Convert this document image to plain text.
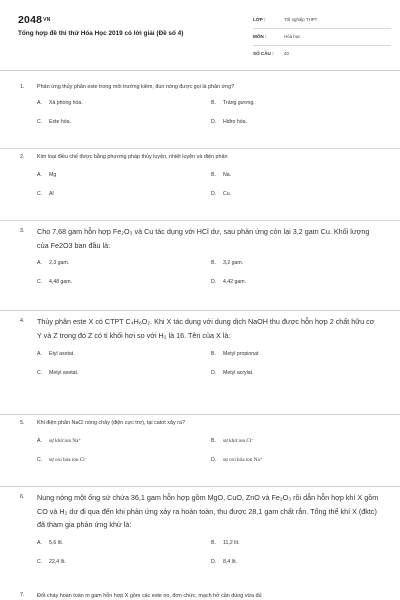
2048VN
Tổng hợp đề thi thử Hóa Học 2019 có lời giải (Đề số 4)
LỚP :	Tốt nghiệp THPT
MÔN :	Hóa học
SỐ CÂU : 40
1. Phản ứng thủy phân este trong môi trường kiềm, đun nóng được gọi là phản ứng?
A. Xà phòng hóa.	B. Tráng gương.
C. Este hóa.	D. Hiđro hóa.
2. Kim loại điều chế được bằng phương pháp thủy luyện, nhiệt luyện và điện phân
A. Mg	B. Na.
C. Al	D. Cu.
3. Cho 7,68 gam hỗn hợp Fe₂O₃ và Cu tác dụng với HCl dư, sau phản ứng còn lại 3,2 gam Cu. Khối lượng của Fe2O3 ban đầu là:
A. 2,3 gam.	B. 3,2 gam.
C. 4,48 gam.	D. 4,42 gam.
4. Thủy phân este X có CTPT C₄H₆O₂. Khi X tác dụng với dung dịch NaOH thu được hỗn hợp 2 chất hữu cơ Y và Z trong đó Z có tỉ khối hơi so với H₂ là 16. Tên của X là:
A. Etyl axetat.	B. Metyl propionat
C. Metyl axetat.	D. Metyl acrylat.
5. Khi điện phân NaCl nóng chảy (điện cực trơ), tại catot xảy ra?
A. sự khử ion Na⁺	B. sự khử ion Cl⁻
C. sự oxi hóa ion Cl⁻	D. sự oxi hóa ion Na⁺
6. Nung nóng một ống sứ chứa 36,1 gam hỗn hợp gồm MgO, CuO, ZnO và Fe₂O₃ rồi dẫn hỗn hợp khí X gồm CO và H₂ dư đi qua đến khi phản ứng xảy ra hoàn toàn, thu được 28,1 gam chất rắn. Tổng thể khí X (đktc) đã tham gia phản ứng khử là:
A. 5,6 lít.	B. 11,2 lít.
C. 22,4 lít.	D. 8,4 lít.
7. Đốt cháy hoàn toàn m gam hỗn hợp X gồm các este no, đơn chức, mạch hở cần dùng vừa đủ
